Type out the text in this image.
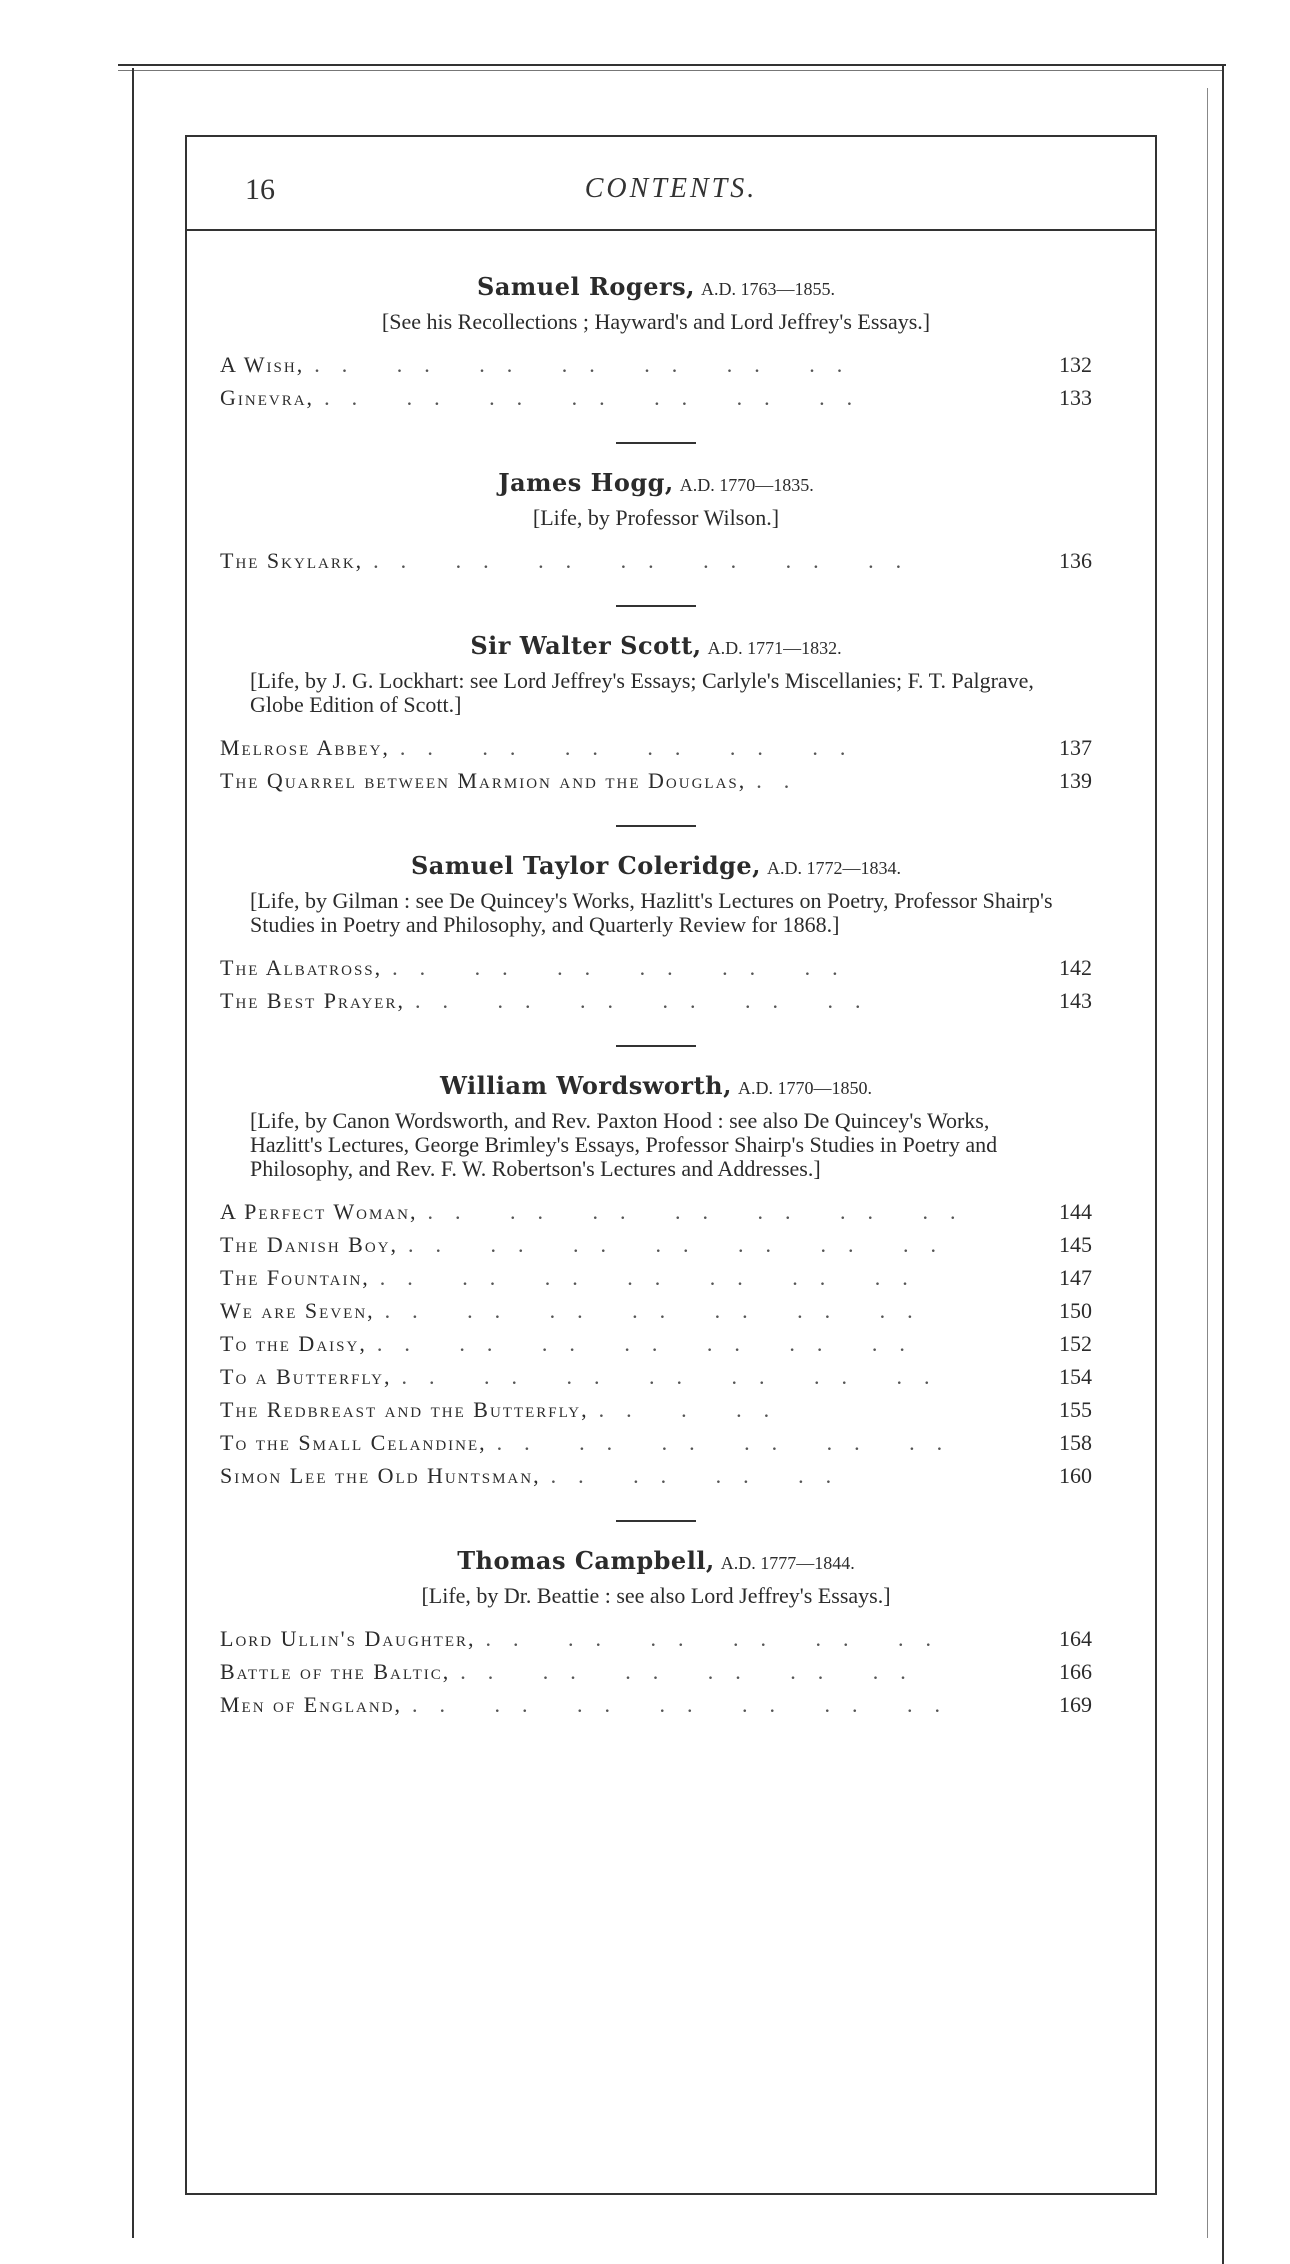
16	CONTENTS.
Samuel Rogers, A.D. 1763—1855.
[See his Recollections ; Hayward's and Lord Jeffrey's Essays.]
A Wish, .. .. .. .. .. .. ..	132
Ginevra, .. .. .. .. .. .. ..	133
James Hogg, A.D. 1770—1835.
[Life, by Professor Wilson.]
The Skylark, .. .. .. .. .. .. ..	136
Sir Walter Scott, A.D. 1771—1832.
[Life, by J. G. Lockhart: see Lord Jeffrey's Essays; Carlyle's Miscellanies; F. T. Palgrave, Globe Edition of Scott.]
Melrose Abbey, .. .. .. .. .. ..	137
The Quarrel between Marmion and the Douglas, ..	139
Samuel Taylor Coleridge, A.D. 1772—1834.
[Life, by Gilman : see De Quincey's Works, Hazlitt's Lectures on Poetry, Professor Shairp's Studies in Poetry and Philosophy, and Quarterly Review for 1868.]
The Albatross, .. .. .. .. .. ..	142
The Best Prayer, .. .. .. .. .. ..	143
William Wordsworth, A.D. 1770—1850.
[Life, by Canon Wordsworth, and Rev. Paxton Hood : see also De Quincey's Works, Hazlitt's Lectures, George Brimley's Essays, Professor Shairp's Studies in Poetry and Philosophy, and Rev. F. W. Robertson's Lectures and Addresses.]
A Perfect Woman, .. .. .. .. .. .. ..	144
The Danish Boy, .. .. .. .. .. .. ..	145
The Fountain, .. .. .. .. .. .. ..	147
We are Seven, .. .. .. .. .. .. ..	150
To the Daisy, .. .. .. .. .. .. ..	152
To a Butterfly, .. .. .. .. .. .. ..	154
The Redbreast and the Butterfly, .. . ..	155
To the Small Celandine, .. .. .. .. .. ..	158
Simon Lee the Old Huntsman, .. .. .. ..	160
Thomas Campbell, A.D. 1777—1844.
[Life, by Dr. Beattie : see also Lord Jeffrey's Essays.]
Lord Ullin's Daughter, .. .. .. .. .. ..	164
Battle of the Baltic, .. .. .. .. .. ..	166
Men of England, .. .. .. .. .. .. ..	169
